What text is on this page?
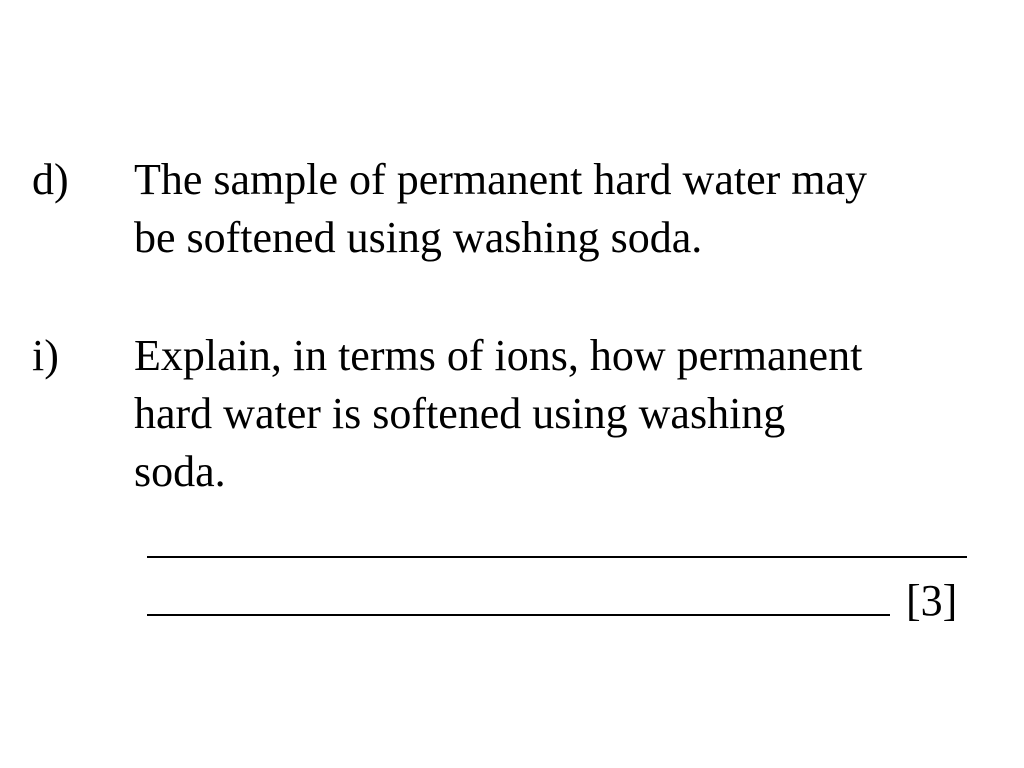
d) The sample of permanent hard water may
be softened using washing soda.
i) Explain, in terms of ions, how permanent
hard water is softened using washing
soda.
[3]
